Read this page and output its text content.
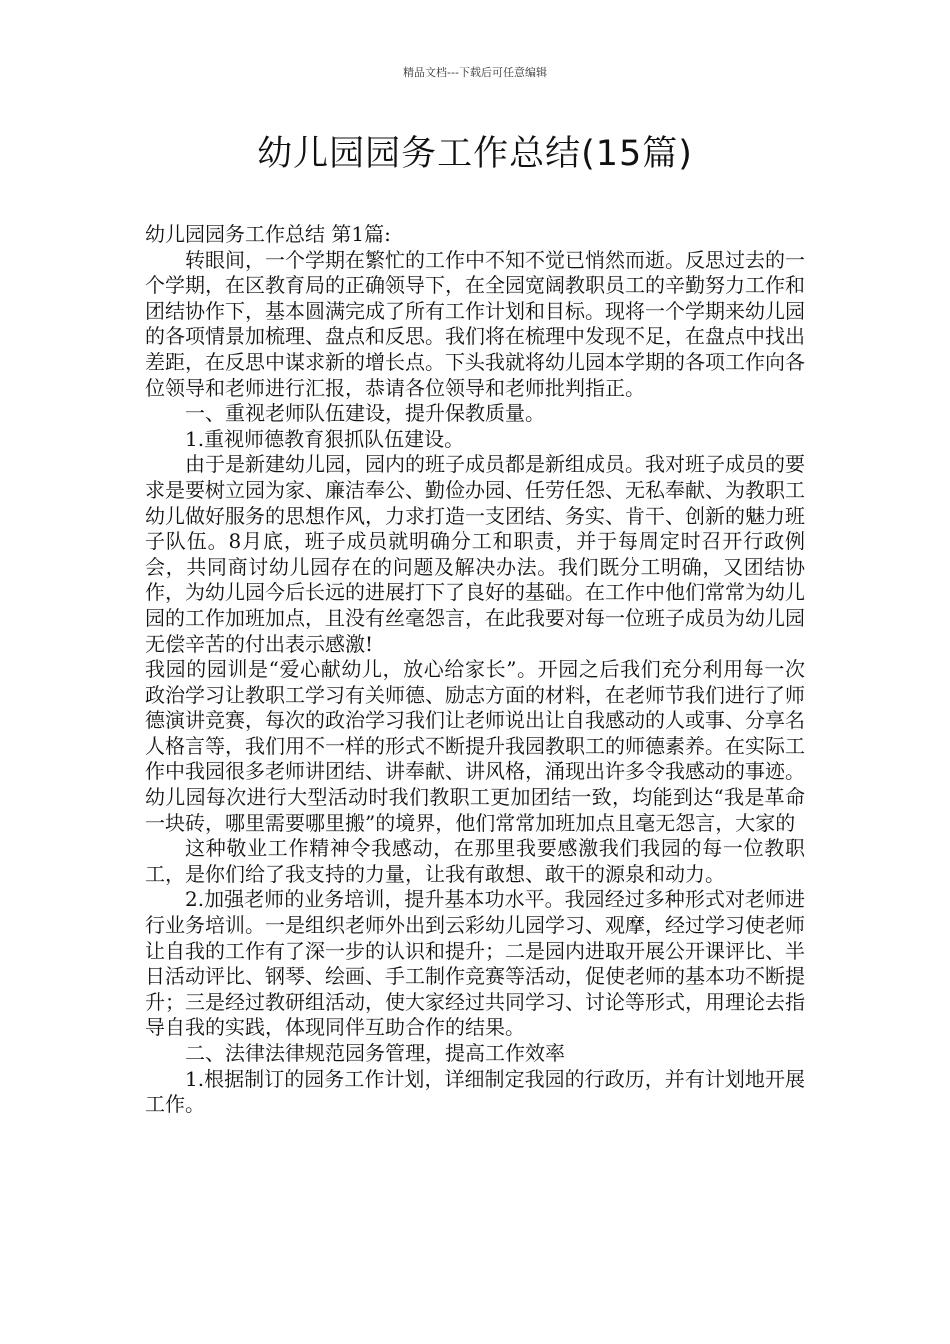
精品文档---下载后可任意编辑
幼儿园园务工作总结(15篇)

幼儿园园务工作总结 第1篇:

转眼间，一个学期在繁忙的工作中不知不觉已悄然而逝。反思过去的一个学期，在区教育局的正确领导下，在全园宽阔教职员工的辛勤努力工作和团结协作下，基本圆满完成了所有工作计划和目标。现将一个学期来幼儿园的各项情景加梳理、盘点和反思。我们将在梳理中发现不足，在盘点中找出差距，在反思中谋求新的增长点。下头我就将幼儿园本学期的各项工作向各位领导和老师进行汇报，恭请各位领导和老师批判指正。

一、重视老师队伍建设，提升保教质量。

1.重视师德教育狠抓队伍建设。

由于是新建幼儿园，园内的班子成员都是新组成员。我对班子成员的要求是要树立园为家、廉洁奉公、勤俭办园、任劳任怨、无私奉献、为教职工幼儿做好服务的思想作风，力求打造一支团结、务实、肯干、创新的魅力班子队伍。8月底，班子成员就明确分工和职责，并于每周定时召开行政例会，共同商讨幼儿园存在的问题及解决办法。我们既分工明确，又团结协作，为幼儿园今后长远的进展打下了良好的基础。在工作中他们常常为幼儿园的工作加班加点，且没有丝毫怨言，在此我要对每一位班子成员为幼儿园无偿辛苦的付出表示感激!

我园的园训是“爱心献幼儿，放心给家长”。开园之后我们充分利用每一次政治学习让教职工学习有关师德、励志方面的材料，在老师节我们进行了师德演讲竞赛，每次的政治学习我们让老师说出让自我感动的人或事、分享名人格言等，我们用不一样的形式不断提升我园教职工的师德素养。在实际工作中我园很多老师讲团结、讲奉献、讲风格，涌现出许多令我感动的事迹。幼儿园每次进行大型活动时我们教职工更加团结一致，均能到达“我是革命一块砖，哪里需要哪里搬”的境界，他们常常加班加点且毫无怨言，大家的

这种敬业工作精神令我感动，在那里我要感激我们我园的每一位教职工，是你们给了我支持的力量，让我有敢想、敢干的源泉和动力。

2.加强老师的业务培训，提升基本功水平。我园经过多种形式对老师进行业务培训。一是组织老师外出到云彩幼儿园学习、观摩，经过学习使老师让自我的工作有了深一步的认识和提升；二是园内进取开展公开课评比、半日活动评比、钢琴、绘画、手工制作竞赛等活动，促使老师的基本功不断提升；三是经过教研组活动，使大家经过共同学习、讨论等形式，用理论去指导自我的实践，体现同伴互助合作的结果。

二、法律法律规范园务管理，提高工作效率

1.根据制订的园务工作计划，详细制定我园的行政历，并有计划地开展工作。
